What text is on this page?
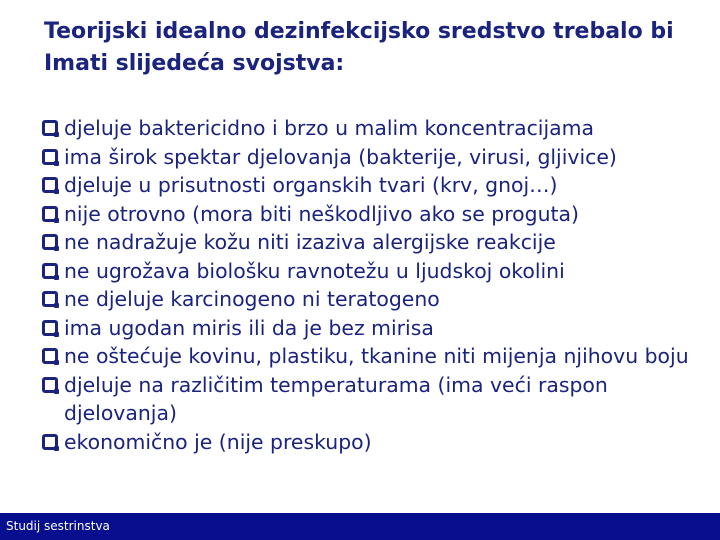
Teorijski idealno dezinfekcijsko sredstvo trebalo bi
Imati slijedeća svojstva:
djeluje baktericidno i brzo u malim koncentracijama
ima širok spektar djelovanja (bakterije, virusi, gljivice)
djeluje u prisutnosti organskih tvari (krv, gnoj…)
nije otrovno (mora biti neškodljivo ako se proguta)
ne nadražuje kožu niti izaziva alergijske reakcije
ne ugrožava biološku ravnotežu u ljudskoj okolini
ne djeluje karcinogeno ni teratogeno
ima ugodan miris ili da je bez mirisa
ne oštećuje kovinu, plastiku, tkanine niti mijenja njihovu boju
djeluje na različitim temperaturama (ima veći raspon djelovanja)
ekonomično je (nije preskupo)
Studij sestrinstva
